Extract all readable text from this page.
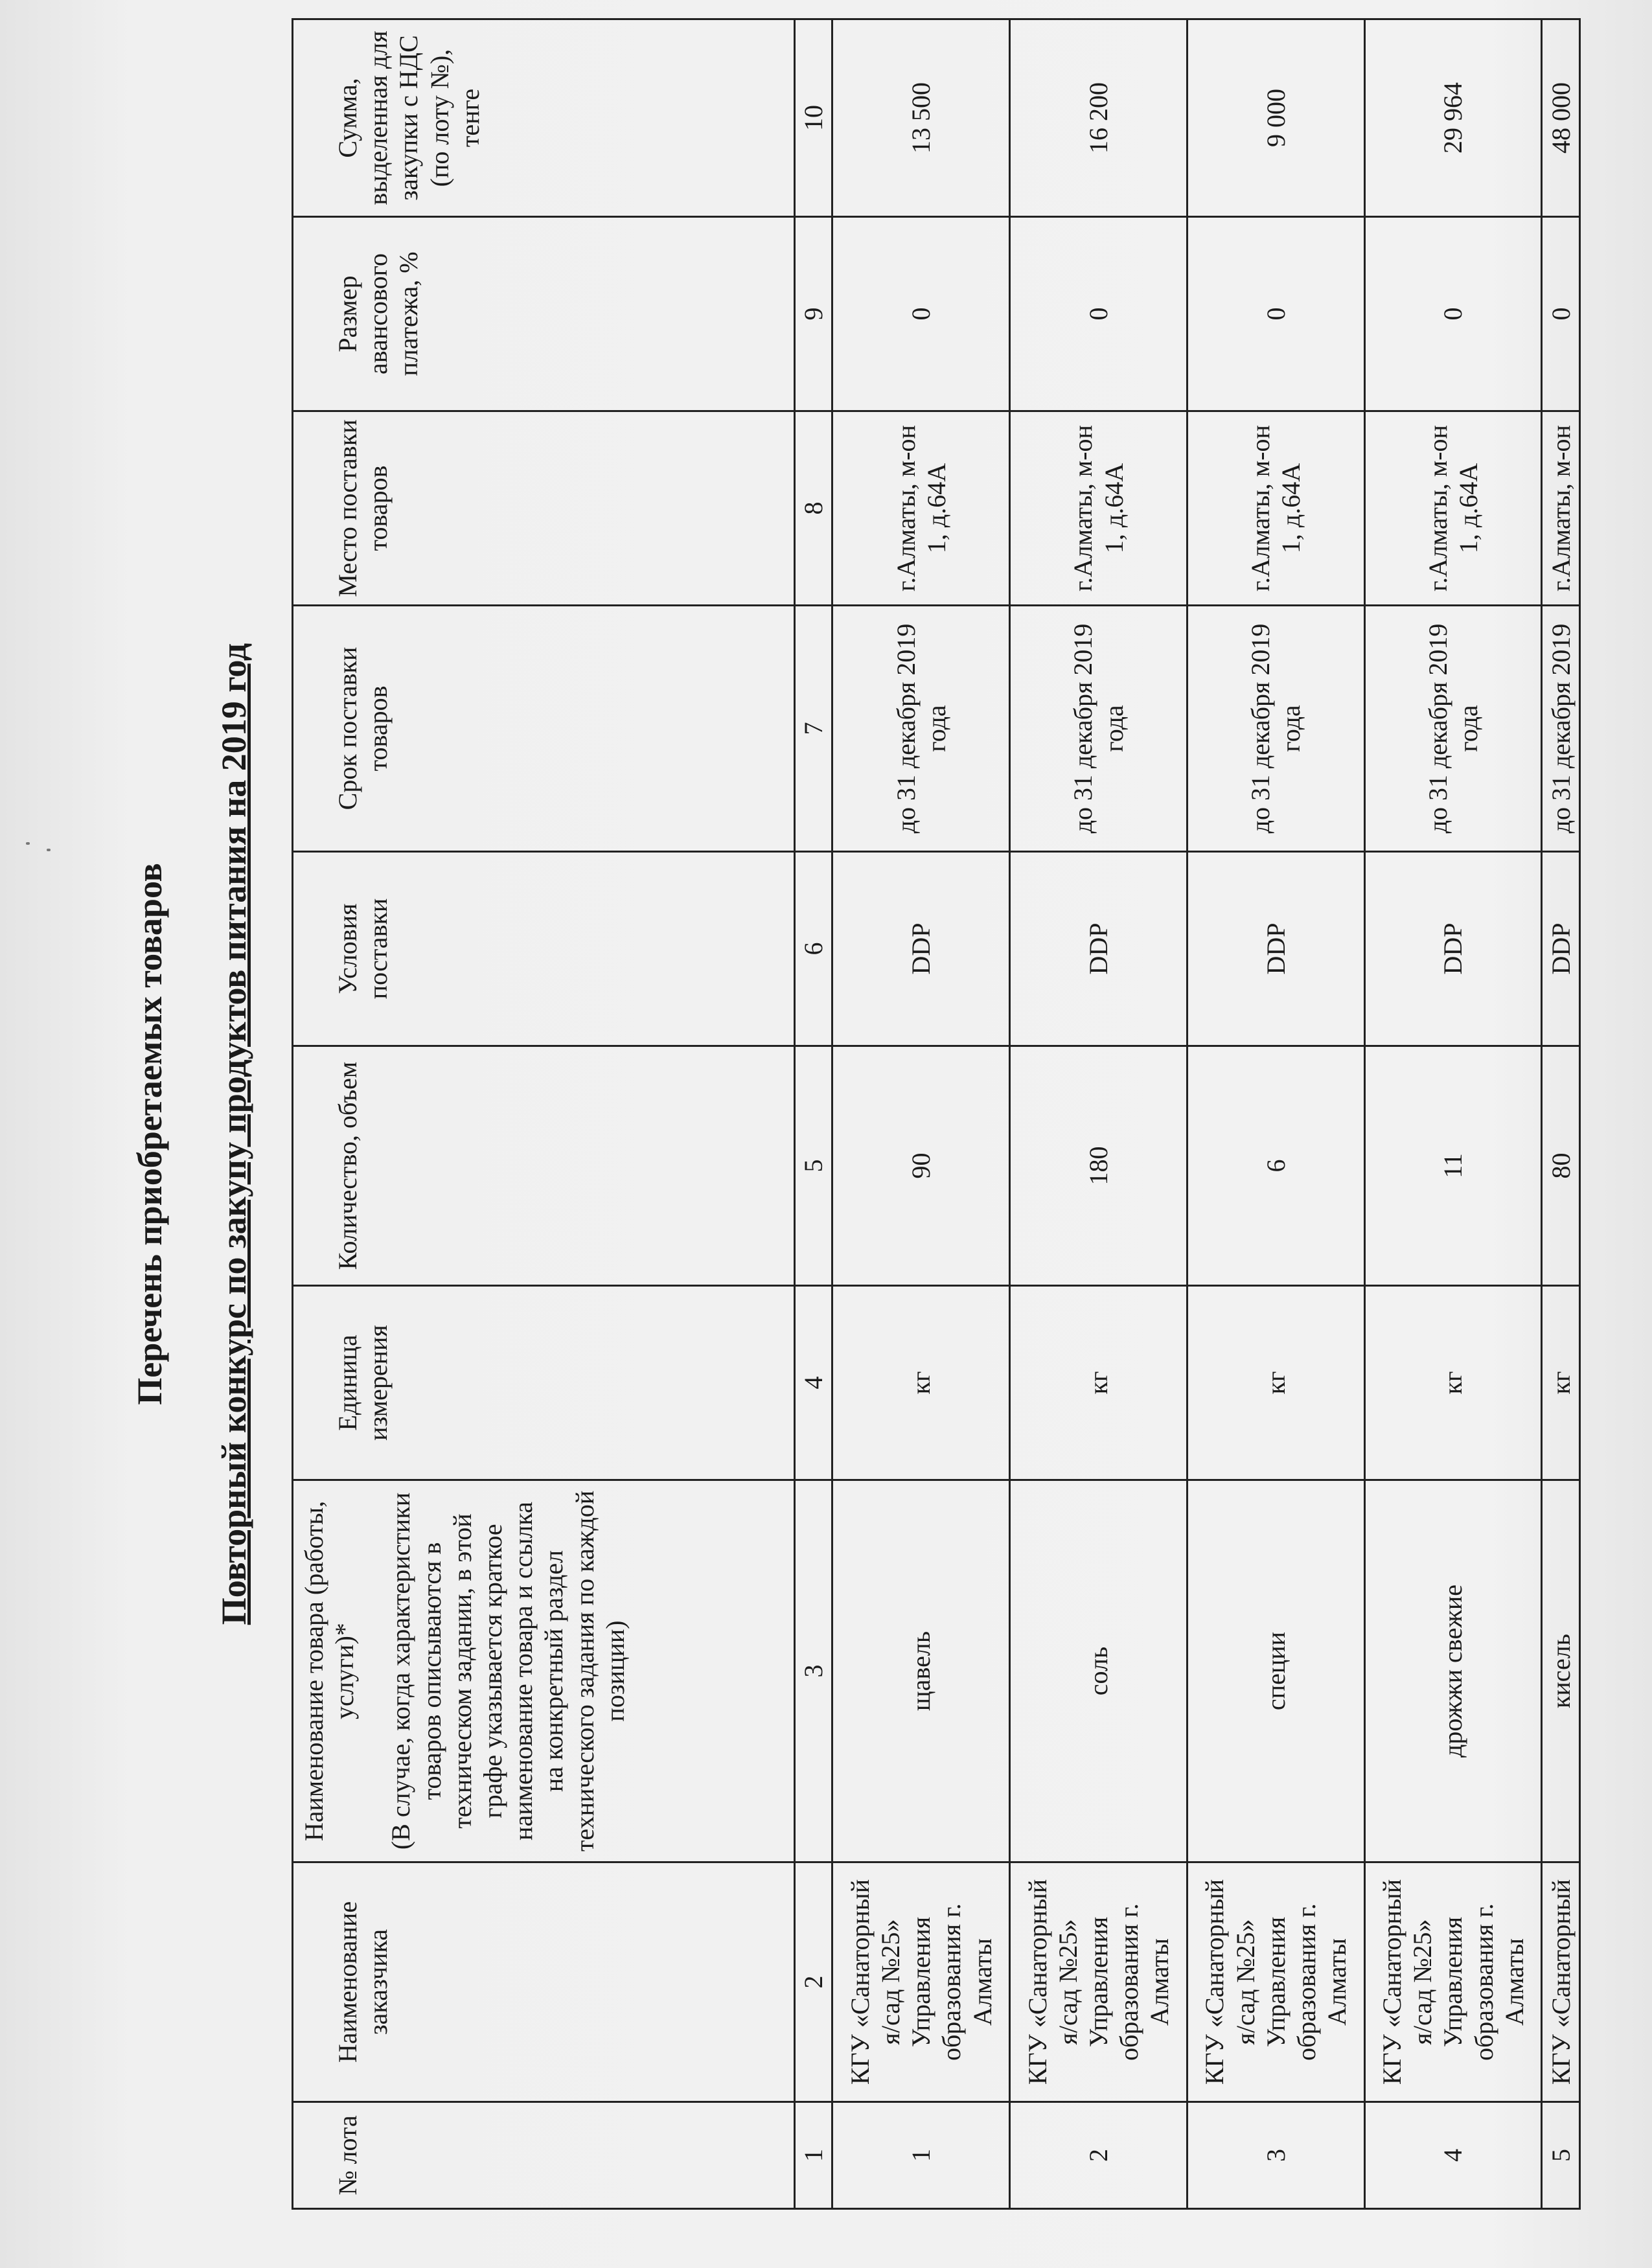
Перечень приобретаемых товаров Повторный конкурс по закупу продуктов питания на 2019 год
№ лота	Наименование заказчика	Наименование товара (работы, услуги)* (В случае, когда характеристики товаров описываются в техническом задании, в этой графе указывается краткое наименование товара и ссылка на конкретный раздел технического задания по каждой позиции)	Единица измерения	Количество, объем	Условия поставки	Срок поставки товаров	Место поставки товаров	Размер авансового платежа, %	Сумма, выделенная для закупки с НДС (по лоту №), тенге
1	2	3	4	5	6	7	8	9	10
1	КГУ «Санаторный я/сад №25» Управления образования г. Алматы	щавель	кг	90	DDP	до 31 декабря 2019 года	г.Алматы, м-он 1, д.64А	0	13 500
2	КГУ «Санаторный я/сад №25» Управления образования г. Алматы	соль	кг	180	DDP	до 31 декабря 2019 года	г.Алматы, м-он 1, д.64А	0	16 200
3	КГУ «Санаторный я/сад №25» Управления образования г. Алматы	специи	кг	6	DDP	до 31 декабря 2019 года	г.Алматы, м-он 1, д.64А	0	9 000
4	КГУ «Санаторный я/сад №25» Управления образования г. Алматы	дрожжи свежие	кг	11	DDP	до 31 декабря 2019 года	г.Алматы, м-он 1, д.64А	0	29 964
5	КГУ «Санаторный	кисель	кг	80	DDP	до 31 декабря 2019	г.Алматы, м-он	0	48 000
